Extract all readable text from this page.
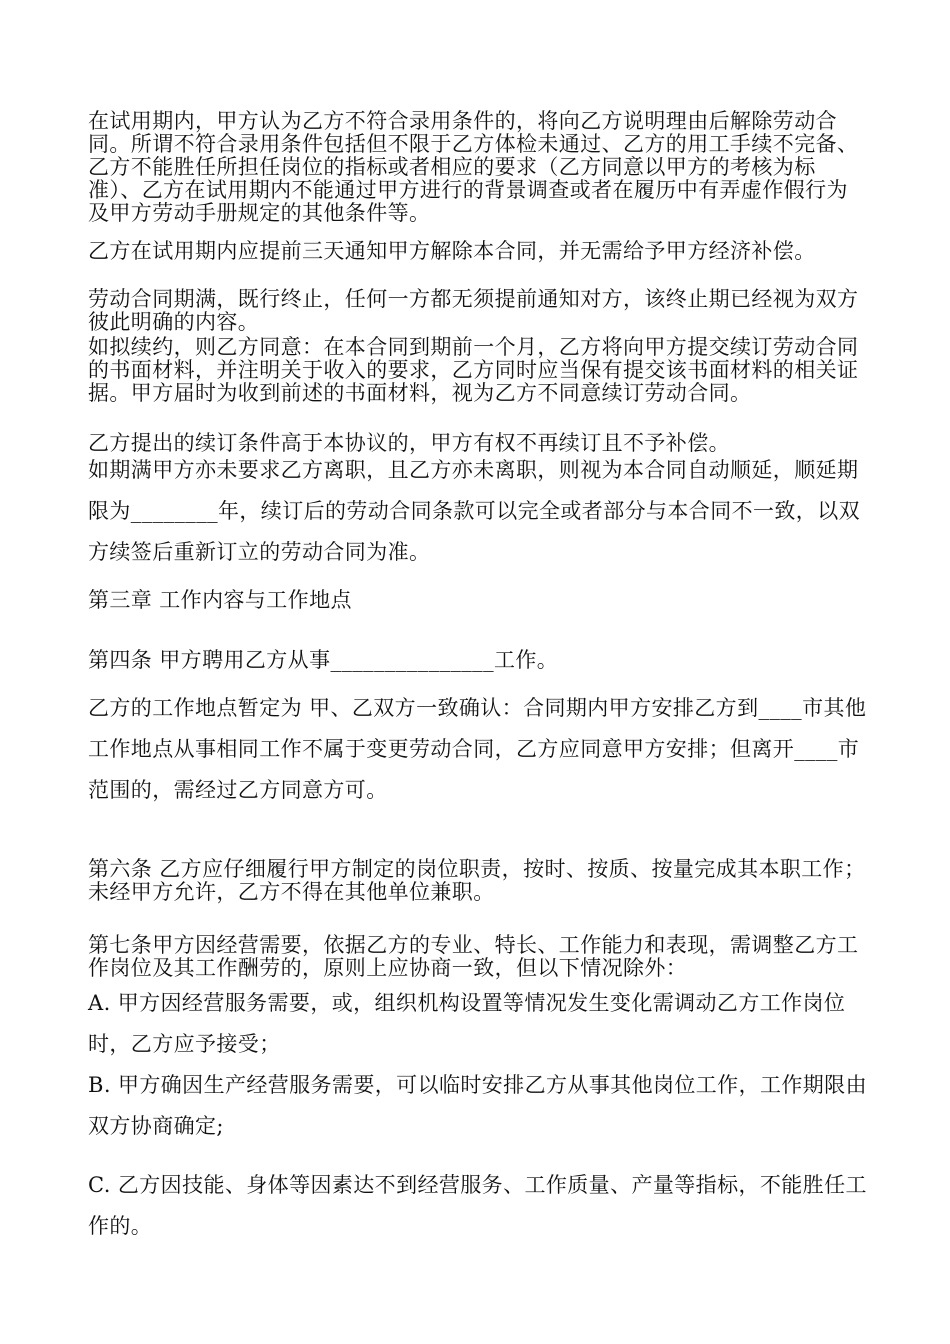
在试用期内，甲方认为乙方不符合录用条件的，将向乙方说明理由后解除劳动合同。所谓不符合录用条件包括但不限于乙方体检未通过、乙方的用工手续不完备、乙方不能胜任所担任岗位的指标或者相应的要求（乙方同意以甲方的考核为标准）、乙方在试用期内不能通过甲方进行的背景调查或者在履历中有弄虚作假行为及甲方劳动手册规定的其他条件等。

乙方在试用期内应提前三天通知甲方解除本合同，并无需给予甲方经济补偿。

劳动合同期满，既行终止，任何一方都无须提前通知对方，该终止期已经视为双方彼此明确的内容。

如拟续约，则乙方同意：在本合同到期前一个月，乙方将向甲方提交续订劳动合同的书面材料，并注明关于收入的要求，乙方同时应当保有提交该书面材料的相关证据。甲方届时为收到前述的书面材料，视为乙方不同意续订劳动合同。

乙方提出的续订条件高于本协议的，甲方有权不再续订且不予补偿。

如期满甲方亦未要求乙方离职，且乙方亦未离职，则视为本合同自动顺延，顺延期限为________年，续订后的劳动合同条款可以完全或者部分与本合同不一致，以双方续签后重新订立的劳动合同为准。

第三章 工作内容与工作地点

第四条 甲方聘用乙方从事_______________工作。

乙方的工作地点暂定为 甲、乙双方一致确认：合同期内甲方安排乙方到____市其他工作地点从事相同工作不属于变更劳动合同，乙方应同意甲方安排；但离开____市范围的，需经过乙方同意方可。

第六条 乙方应仔细履行甲方制定的岗位职责，按时、按质、按量完成其本职工作；未经甲方允许，乙方不得在其他单位兼职。

第七条甲方因经营需要，依据乙方的专业、特长、工作能力和表现，需调整乙方工作岗位及其工作酬劳的，原则上应协商一致，但以下情况除外：

A. 甲方因经营服务需要，或，组织机构设置等情况发生变化需调动乙方工作岗位时，乙方应予接受；

B. 甲方确因生产经营服务需要，可以临时安排乙方从事其他岗位工作，工作期限由双方协商确定;

C. 乙方因技能、身体等因素达不到经营服务、工作质量、产量等指标，不能胜任工作的。
